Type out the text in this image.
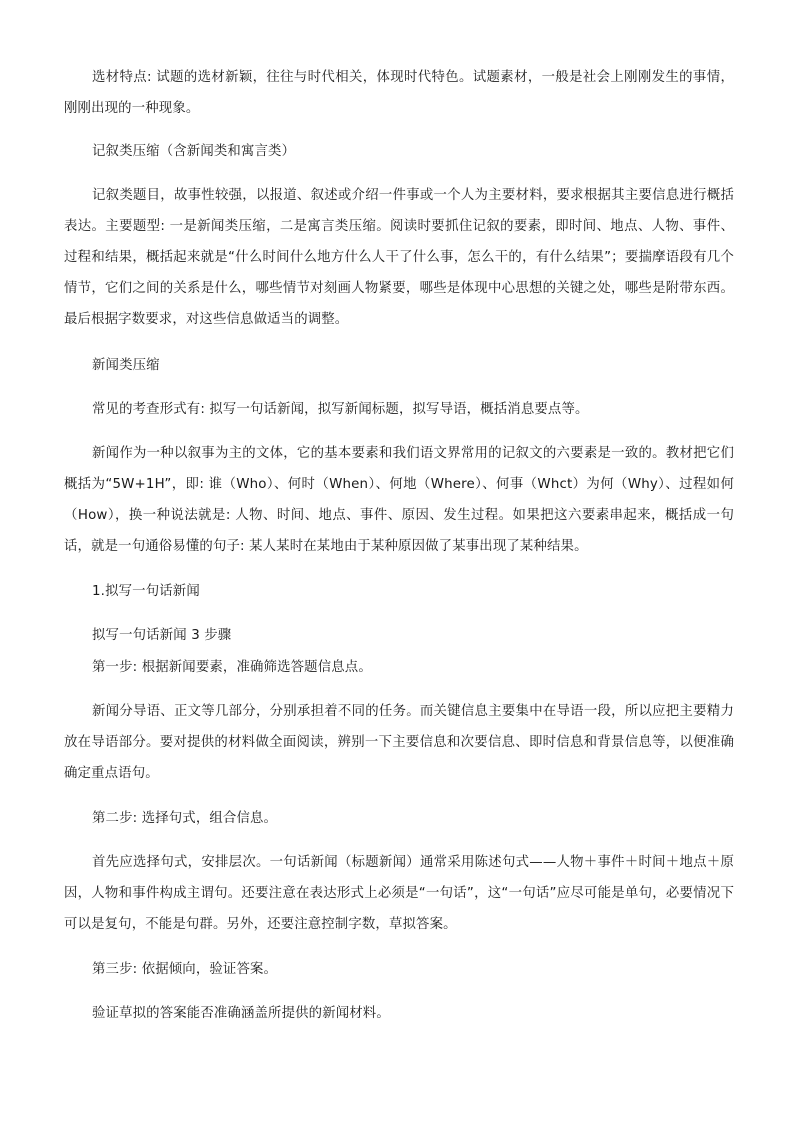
选材特点: 试题的选材新颖，往往与时代相关，体现时代特色。试题素材，一般是社会上刚刚发生的事情，刚刚出现的一种现象。

记叙类压缩（含新闻类和寓言类）

记叙类题目，故事性较强，以报道、叙述或介绍一件事或一个人为主要材料，要求根据其主要信息进行概括表达。主要题型: 一是新闻类压缩，二是寓言类压缩。阅读时要抓住记叙的要素，即时间、地点、人物、事件、过程和结果，概括起来就是“什么时间什么地方什么人干了什么事，怎么干的，有什么结果”；要揣摩语段有几个情节，它们之间的关系是什么，哪些情节对刻画人物紧要，哪些是体现中心思想的关键之处，哪些是附带东西。最后根据字数要求，对这些信息做适当的调整。

新闻类压缩

常见的考查形式有: 拟写一句话新闻，拟写新闻标题，拟写导语，概括消息要点等。

新闻作为一种以叙事为主的文体，它的基本要素和我们语文界常用的记叙文的六要素是一致的。教材把它们概括为“5W+1H”，即: 谁（Who）、何时（When）、何地（Where）、何事（Whct）为何（Why）、过程如何（How），换一种说法就是: 人物、时间、地点、事件、原因、发生过程。如果把这六要素串起来，概括成一句话，就是一句通俗易懂的句子: 某人某时在某地由于某种原因做了某事出现了某种结果。

1.拟写一句话新闻

拟写一句话新闻 3 步骤

第一步: 根据新闻要素，准确筛选答题信息点。

新闻分导语、正文等几部分，分别承担着不同的任务。而关键信息主要集中在导语一段，所以应把主要精力放在导语部分。要对提供的材料做全面阅读，辨别一下主要信息和次要信息、即时信息和背景信息等，以便准确确定重点语句。

第二步: 选择句式，组合信息。

首先应选择句式，安排层次。一句话新闻（标题新闻）通常采用陈述句式——人物＋事件＋时间＋地点＋原因，人物和事件构成主谓句。还要注意在表达形式上必须是“一句话”，这“一句话”应尽可能是单句，必要情况下可以是复句，不能是句群。另外，还要注意控制字数，草拟答案。

第三步: 依据倾向，验证答案。

验证草拟的答案能否准确涵盖所提供的新闻材料。
